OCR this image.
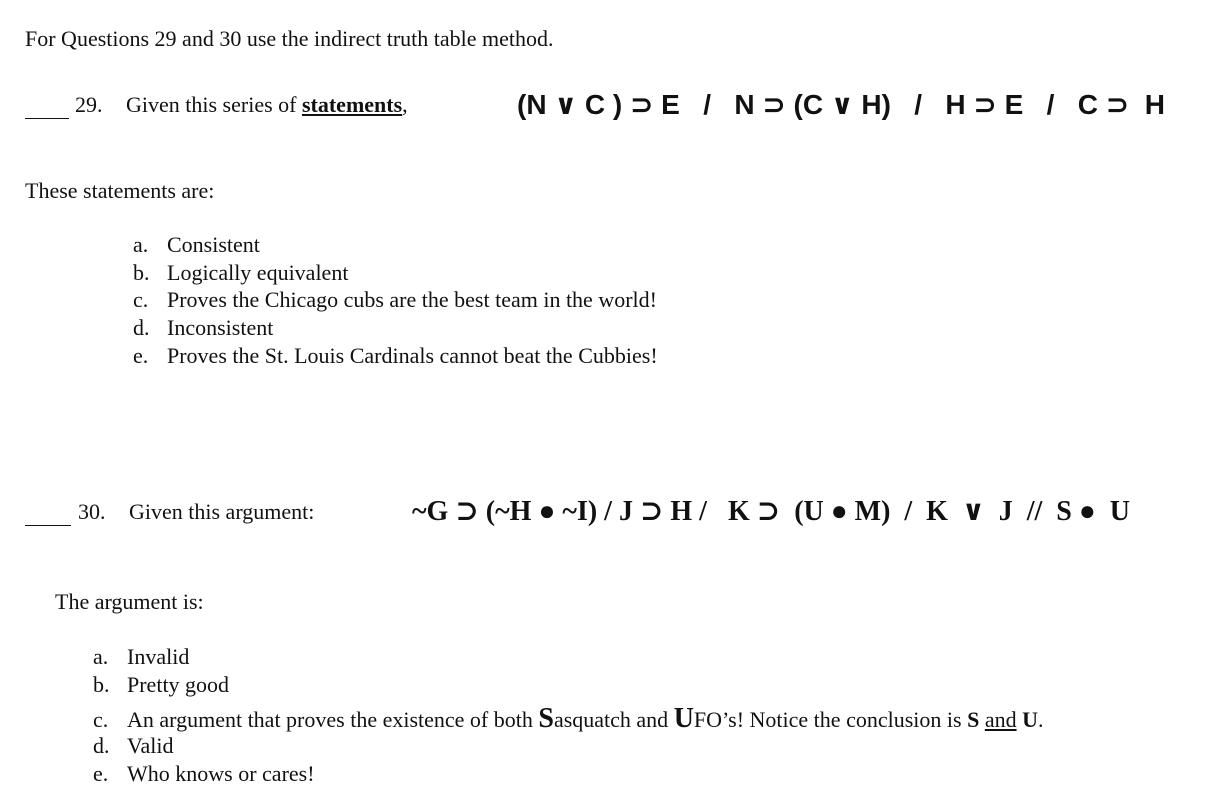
For Questions 29 and 30 use the indirect truth table method.
29. Given this series of statements,	(N ∨ C ) ⊃ E   /   N ⊃ (C ∨ H)   /   H ⊃ E   /   C ⊃  H
These statements are:
a. Consistent
b. Logically equivalent
c. Proves the Chicago cubs are the best team in the world!
d. Inconsistent
e. Proves the St. Louis Cardinals cannot beat the Cubbies!
30. Given this argument:	~G ⊃ (~H ● ~I) / J ⊃ H /   K ⊃  (U ● M)  /  K  ∨  J  //  S ●  U
The argument is:
a. Invalid
b. Pretty good
c. An argument that proves the existence of both Sasquatch and UFO’s! Notice the conclusion is S and U.
d. Valid
e. Who knows or cares!
